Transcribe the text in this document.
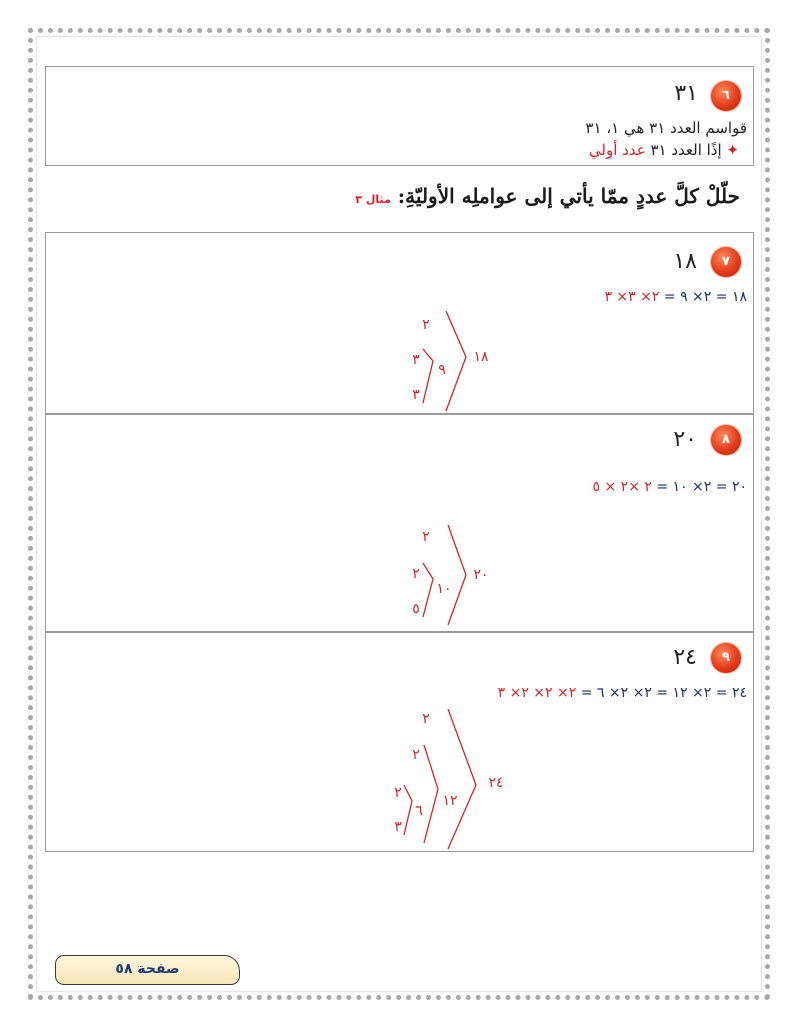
٦
٣١
قواسم العدد ٣١ هي ١، ٣١
✦ إذًا العدد ٣١ عدد أولي
حلّلْ كلَّ عددٍ ممّا يأتي إلى عواملِه الأوليّةِ: مثال ٣
٧
١٨
١٨ = ٢× ٩ = ٢× ٣× ٣
٢
٣
٣
٩
١٨
٨
٢٠
٢٠ = ٢× ١٠ = ٢ ×٢ × ٥
٢
٢
٥
١٠
٢٠
٩
٢٤
٢٤ = ٢× ١٢ = ٢× ٢× ٦ = ٢× ٢× ٢× ٣
٢
٢
٢
٣
٦
١٢
٢٤
صفحة ٥٨
